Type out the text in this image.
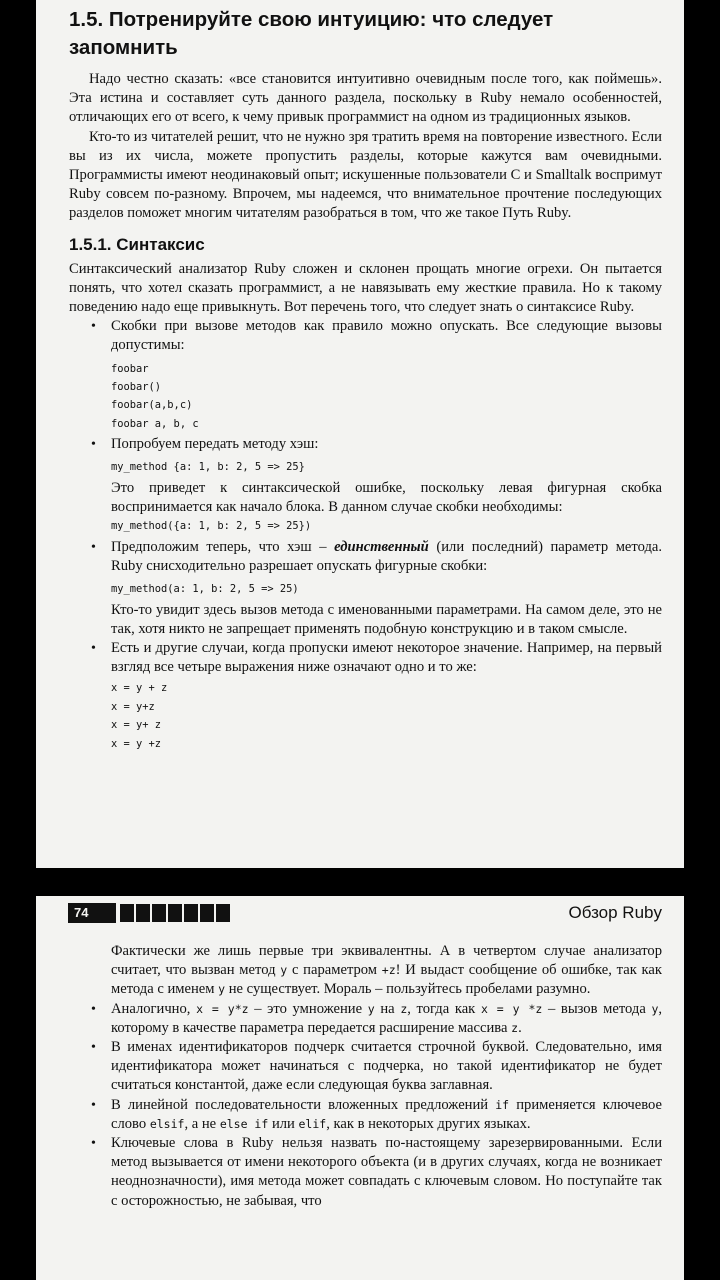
1.5. Потренируйте свою интуицию: что следует запомнить

Надо честно сказать: «все становится интуитивно очевидным после того, как поймешь». Эта истина и составляет суть данного раздела, поскольку в Ruby немало особенностей, отличающих его от всего, к чему привык программист на одном из традиционных языков.

Кто-то из читателей решит, что не нужно зря тратить время на повторение известного. Если вы из их числа, можете пропустить разделы, которые кажутся вам очевидными. Программисты имеют неодинаковый опыт; искушенные пользователи C и Smalltalk воспримут Ruby совсем по-разному. Впрочем, мы надеемся, что внимательное прочтение последующих разделов поможет многим читателям разобраться в том, что же такое Путь Ruby.

1.5.1. Синтаксис

Синтаксический анализатор Ruby сложен и склонен прощать многие огрехи. Он пытается понять, что хотел сказать программист, а не навязывать ему жесткие правила. Но к такому поведению надо еще привыкнуть. Вот перечень того, что следует знать о синтаксисе Ruby.

• Скобки при вызове методов как правило можно опускать. Все следующие вызовы допустимы:

foobar
foobar()
foobar(a,b,c)
foobar a, b, c
• Попробуем передать методу хэш:

my_method {a: 1, b: 2, 5 => 25}

Это приведет к синтаксической ошибке, поскольку левая фигурная скобка воспринимается как начало блока. В данном случае скобки необходимы:

my_method({a: 1, b: 2, 5 => 25})
• Предположим теперь, что хэш – единственный (или последний) параметр метода. Ruby снисходительно разрешает опускать фигурные скобки:

my_method(a: 1, b: 2, 5 => 25)

Кто-то увидит здесь вызов метода с именованными параметрами. На самом деле, это не так, хотя никто не запрещает применять подобную конструкцию и в таком смысле.

• Есть и другие случаи, когда пропуски имеют некоторое значение. Например, на первый взгляд все четыре выражения ниже означают одно и то же:

x = y + z
x = y+z
x = y+ z
x = y +z
74	Обзор Ruby

Фактически же лишь первые три эквивалентны. А в четвертом случае анализатор считает, что вызван метод y с параметром +z! И выдаст сообщение об ошибке, так как метода с именем y не существует. Мораль – пользуйтесь пробелами разумно.

• Аналогично, x = y*z – это умножение y на z, тогда как x = y *z – вызов метода y, которому в качестве параметра передается расширение массива z.

• В именах идентификаторов подчерк считается строчной буквой. Следовательно, имя идентификатора может начинаться с подчерка, но такой идентификатор не будет считаться константой, даже если следующая буква заглавная.

• В линейной последовательности вложенных предложений if применяется ключевое слово elsif, а не else if или elif, как в некоторых других языках.

• Ключевые слова в Ruby нельзя назвать по-настоящему зарезервированными. Если метод вызывается от имени некоторого объекта (и в других случаях, когда не возникает неоднозначности), имя метода может совпадать с ключевым словом. Но поступайте так с осторожностью, не забывая, что
